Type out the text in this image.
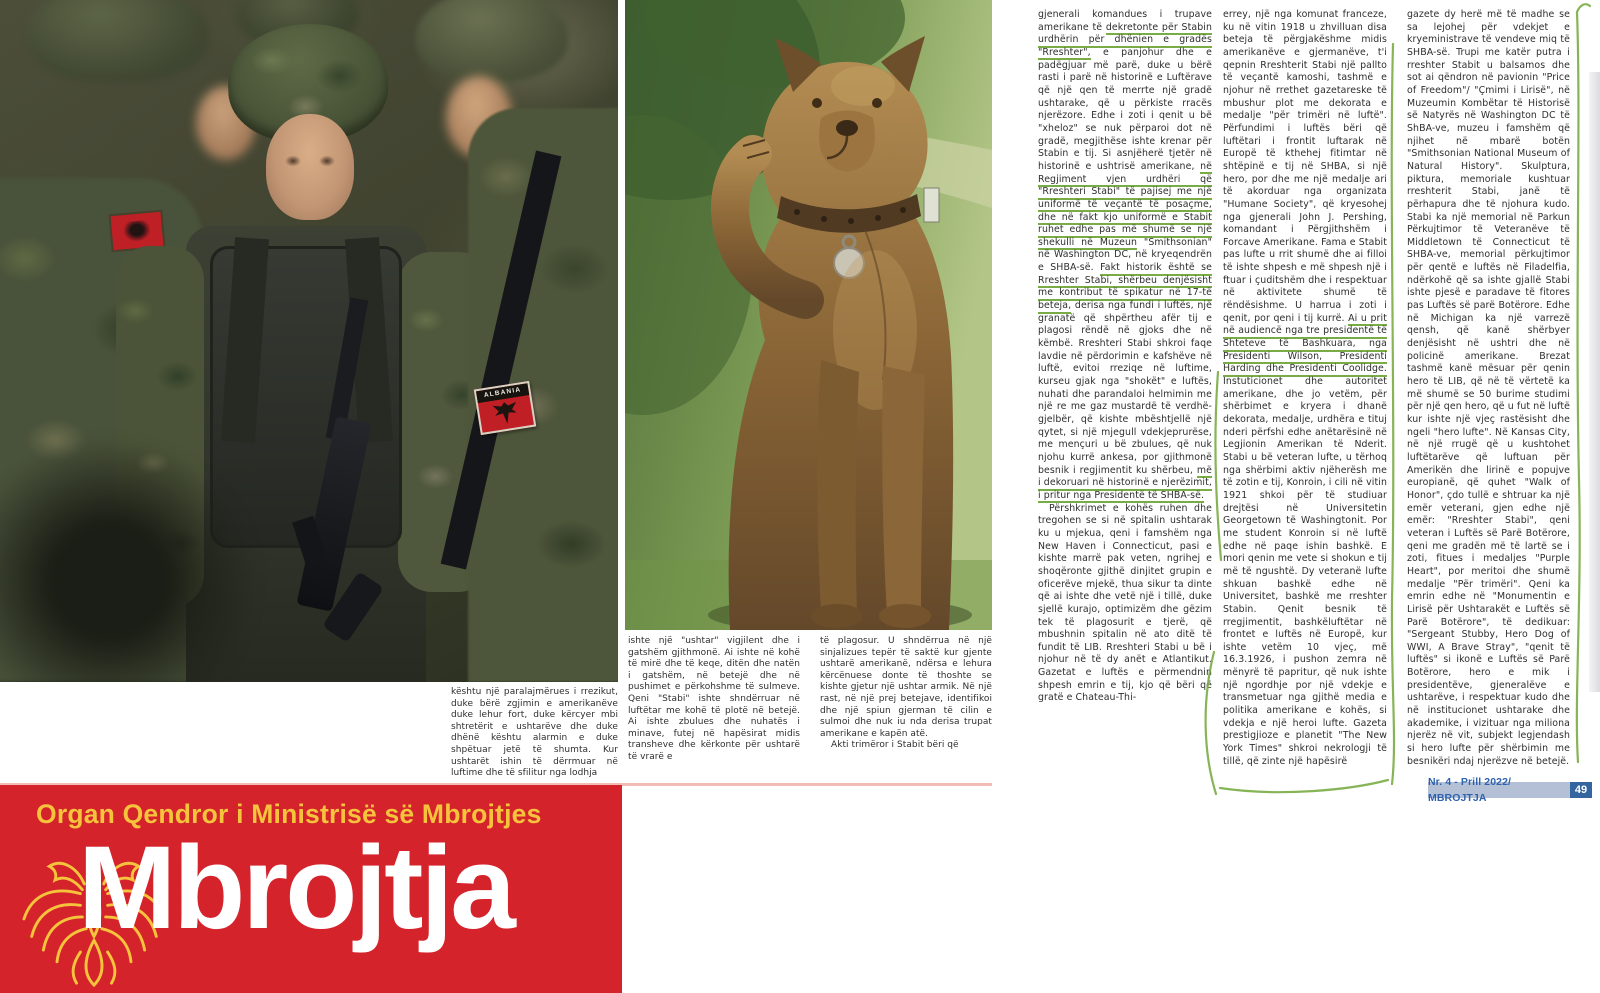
ALBANIA
kështu një paralajmërues i rrezikut, duke bërë zgjimin e amerikanëve duke lehur fort, duke kërcyer mbi shtretërit e ushtarëve dhe duke dhënë kështu alarmin e duke shpëtuar jetë të shumta. Kur ushtarët ishin të dërrmuar në luftime dhe të sfilitur nga lodhja
ishte një "ushtar" vigjilent dhe i gatshëm gjithmonë. Ai ishte në kohë të mirë dhe të keqe, ditën dhe natën i gatshëm, në betejë dhe në pushimet e përkohshme të sulmeve. Qeni "Stabi" ishte shndërruar në luftëtar me kohë të plotë në betejë. Ai ishte zbulues dhe nuhatës i minave, futej në hapësirat midis transheve dhe kërkonte për ushtarë të vrarë e
të plagosur. U shndërrua në një sinjalizues tepër të saktë kur gjente ushtarë amerikanë, ndërsa e lehura kërcënuese donte të thoshte se kishte gjetur një ushtar armik. Në një rast, në një prej betejave, identifikoi dhe një spiun gjerman të cilin e sulmoi dhe nuk iu nda derisa trupat amerikane e kapën atë.
Akti trimëror i Stabit bëri që
gjenerali komandues i trupave amerikane të dekretonte për Stabin urdhërin për dhënien e gradës "Rreshter", e panjohur dhe e padëgjuar më parë, duke u bërë rasti i parë në historinë e Luftërave që një qen të merrte një gradë ushtarake, që u përkiste rracës njerëzore. Edhe i zoti i qenit u bë "xheloz" se nuk përparoi dot në gradë, megjithëse ishte krenar për Stabin e tij. Si asnjëherë tjetër në historinë e ushtrisë amerikane, në Regjiment vjen urdhëri që "Rreshteri Stabi" të pajisej me një uniformë të veçantë të posaçme, dhe në fakt kjo uniformë e Stabit ruhet edhe pas më shumë se një shekulli në Muzeun "Smithsonian" në Washington DC, në kryeqendrën e SHBA-së. Fakt historik është se Rreshter Stabi, shërbeu denjësisht me kontribut të spikatur në 17-të beteja, derisa nga fundi i luftës, një granatë që shpërtheu afër tij e plagosi rëndë në gjoks dhe në këmbë. Rreshteri Stabi shkroi faqe lavdie në përdorimin e kafshëve në luftë, evitoi rreziqe në luftime, kurseu gjak nga "shokët" e luftës, nuhati dhe parandaloi helmimin me një re me gaz mustardë të verdhë-gjelbër, që kishte mbështjellë një qytet, si një mjegull vdekjeprurëse, me mençuri u bë zbulues, që nuk njohu kurrë ankesa, por gjithmonë besnik i regjimentit ku shërbeu, më i dekoruari në historinë e njerëzimit, i pritur nga Presidentë të SHBA-së.
Përshkrimet e kohës ruhen dhe tregohen se si në spitalin ushtarak ku u mjekua, qeni i famshëm nga New Haven i Connecticut, pasi e kishte marrë pak veten, ngrihej e shoqëronte gjithë dinjitet grupin e oficerëve mjekë, thua sikur ta dinte që ai ishte dhe vetë një i tillë, duke sjellë kurajo, optimizëm dhe gëzim tek të plagosurit e tjerë, që mbushnin spitalin në ato ditë të fundit të LIB. Rreshteri Stabi u bë i njohur në të dy anët e Atlantikut. Gazetat e luftës e përmendnin shpesh emrin e tij, kjo që bëri që gratë e Chateau-Thi-
errey, një nga komunat franceze, ku në vitin 1918 u zhvilluan disa beteja të përgjakëshme midis amerikanëve e gjermanëve, t'i qepnin Rreshterit Stabi një pallto të veçantë kamoshi, tashmë e njohur në rrethet gazetareske të mbushur plot me dekorata e medalje "për trimëri në luftë". Përfundimi i luftës bëri që luftëtari i frontit luftarak në Europë të kthehej fitimtar në shtëpinë e tij në SHBA, si një hero, por dhe me një medalje ari të akorduar nga organizata "Humane Society", që kryesohej nga gjenerali John J. Pershing, komandant i Përgjithshëm i Forcave Amerikane. Fama e Stabit pas lufte u rrit shumë dhe ai filloi të ishte shpesh e më shpesh një i ftuar i çuditshëm dhe i respektuar në aktivitete shumë të rëndësishme. U harrua i zoti i qenit, por qeni i tij kurrë. Ai u prit në audiencë nga tre presidentë të Shteteve të Bashkuara, nga Presidenti Wilson, Presidenti Harding dhe Presidenti Coolidge. Instuticionet dhe autoritet amerikane, dhe jo vetëm, për shërbimet e kryera i dhanë dekorata, medalje, urdhëra e tituj nderi përfshi edhe anëtarësinë në Legjionin Amerikan të Nderit. Stabi u bë veteran lufte, u tërhoq nga shërbimi aktiv njëherësh me të zotin e tij, Konroin, i cili në vitin 1921 shkoi për të studiuar drejtësi në Universitetin Georgetown të Washingtonit. Por me student Konroin si në luftë edhe në paqe ishin bashkë. E mori qenin me vete si shokun e tij më të ngushtë. Dy veteranë lufte shkuan bashkë edhe në Universitet, bashkë me rreshter Stabin. Qenit besnik të rregjimentit, bashkëluftëtar në frontet e luftës në Europë, kur ishte vetëm 10 vjeç, më 16.3.1926, i pushon zemra në mënyrë të papritur, që nuk ishte një ngordhje por një vdekje e transmetuar nga gjithë media e politika amerikane e kohës, si vdekja e një heroi lufte. Gazeta prestigjioze e planetit "The New York Times" shkroi nekrologji të tillë, që zinte një hapësirë
gazete dy herë më të madhe se sa lejohej për vdekjet e kryeministrave të vendeve miq të SHBA-së. Trupi me katër putra i rreshter Stabit u balsamos dhe sot ai qëndron në pavionin "Price of Freedom"/ "Çmimi i Lirisë", në Muzeumin Kombëtar të Historisë së Natyrës në Washington DC të ShBA-ve, muzeu i famshëm që njihet në mbarë botën "Smithsonian National Museum of Natural History". Skulptura, piktura, memoriale kushtuar rreshterit Stabi, janë të përhapura dhe të njohura kudo. Stabi ka një memorial në Parkun Përkujtimor të Veteranëve të Middletown të Connecticut të SHBA-ve, memorial përkujtimor për qentë e luftës në Filadelfia, ndërkohë që sa ishte gjallë Stabi ishte pjesë e paradave të fitores pas Luftës së parë Botërore. Edhe në Michigan ka një varrezë qensh, që kanë shërbyer denjësisht në ushtri dhe në policinë amerikane. Brezat tashmë kanë mësuar për qenin hero të LIB, që në të vërtetë ka më shumë se 50 burime studimi për një qen hero, që u fut në luftë kur ishte një vjeç rastësisht dhe ngeli "hero lufte". Në Kansas City, në një rrugë që u kushtohet luftëtarëve që luftuan për Amerikën dhe lirinë e popujve europianë, që quhet "Walk of Honor", çdo tullë e shtruar ka një emër veterani, gjen edhe një emër: "Rreshter Stabi", qeni veteran i Luftës së Parë Botërore, qeni me gradën më të lartë se i zoti, fitues i medaljes "Purple Heart", por meritoi dhe shumë medalje "Për trimëri". Qeni ka emrin edhe në "Monumentin e Lirisë për Ushtarakët e Luftës së Parë Botërore", të dedikuar: "Sergeant Stubby, Hero Dog of WWI, A Brave Stray", "qenit të luftës" si ikonë e Luftës së Parë Botërore, hero e mik i presidentëve, gjeneralëve e ushtarëve, i respektuar kudo dhe në institucionet ushtarake dhe akademike, i vizituar nga miliona njerëz në vit, subjekt legjendash si hero lufte për shërbimin me besnikëri ndaj njerëzve në betejë.
Organ Qendror i Ministrisë së Mbrojtjes
Mbrojtja
Nr. 4 - Prill 2022/ MBROJTJA
49
